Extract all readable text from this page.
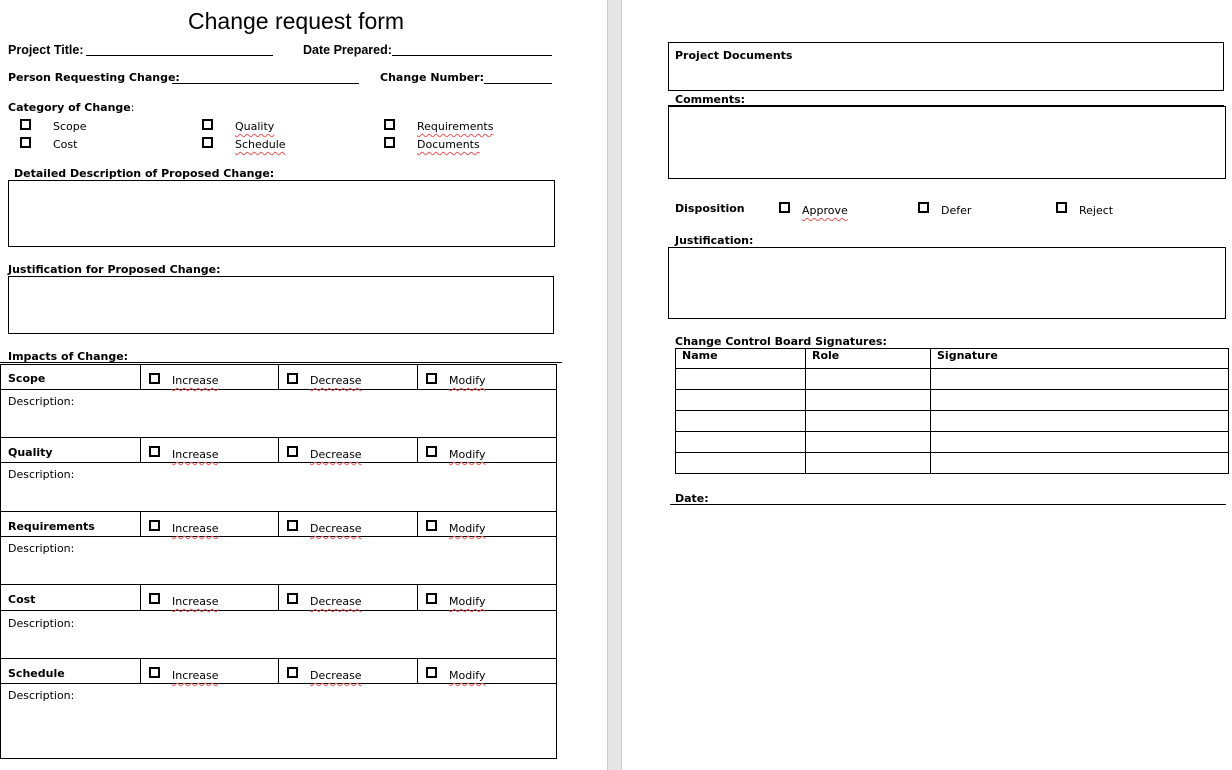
Change request form
Project Title:	Date Prepared:
Person Requesting Change:	Change Number:
Category of Change:
Scope	Quality	Requirements
Cost	Schedule	Documents
Detailed Description of Proposed Change:
Justification for Proposed Change:
Impacts of Change:
Scope	Increase	Decrease	Modify
Description:
Quality	Increase	Decrease	Modify
Description:
Requirements	Increase	Decrease	Modify
Description:
Cost	Increase	Decrease	Modify
Description:
Schedule	Increase	Decrease	Modify
Description:
Project Documents
Comments:
Disposition	Approve	Defer	Reject
Justification:
Change Control Board Signatures:
Name	Role	Signature

Date:
